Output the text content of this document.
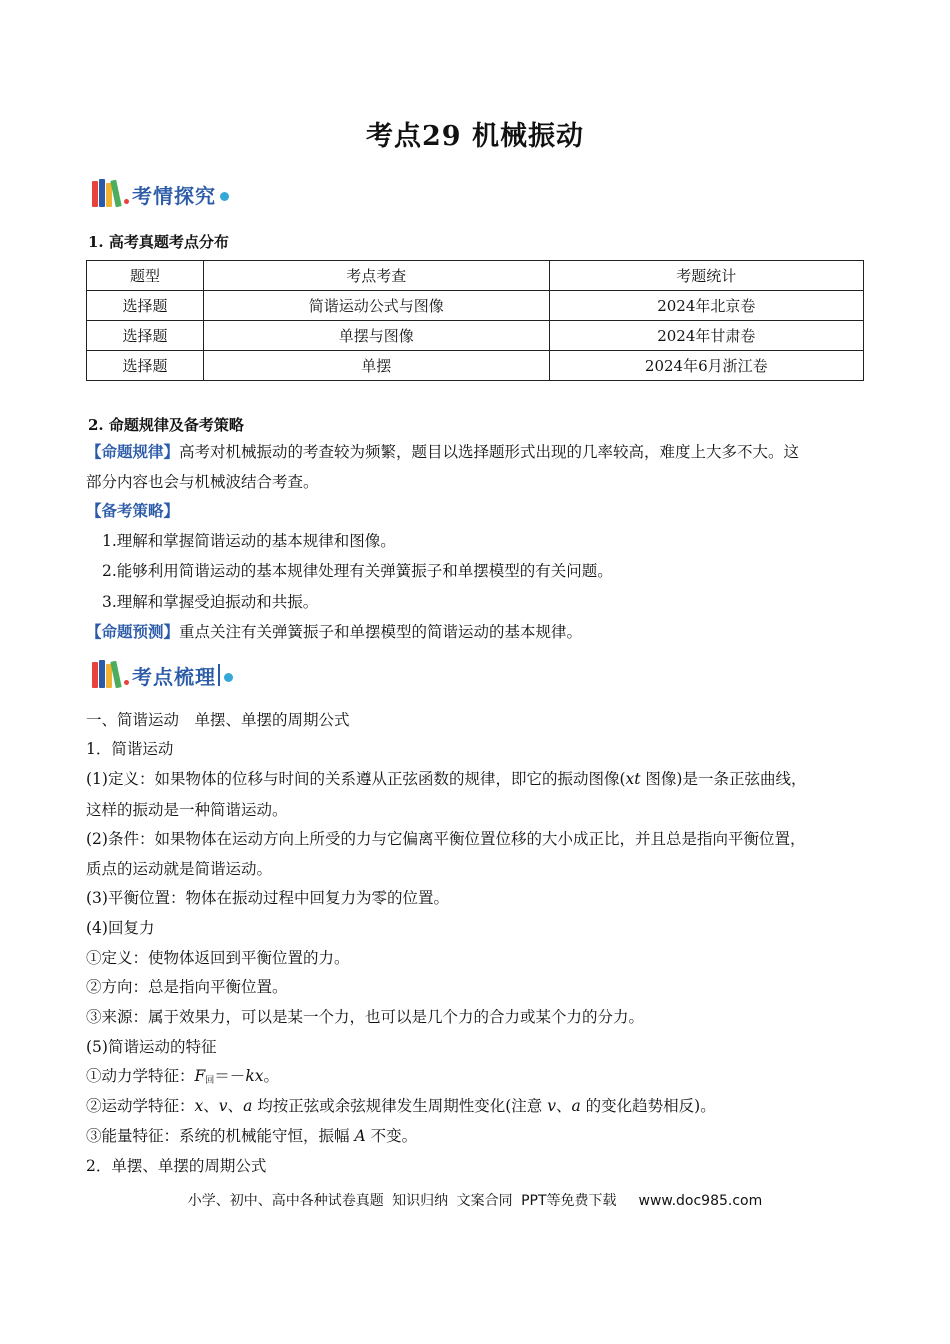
考点29 机械振动
考情探究
1. 高考真题考点分布
题型	考点考查	考题统计
选择题	简谐运动公式与图像	2024年北京卷
选择题	单摆与图像	2024年甘肃卷
选择题	单摆	2024年6月浙江卷
2. 命题规律及备考策略
【命题规律】高考对机械振动的考查较为频繁，题目以选择题形式出现的几率较高，难度上大多不大。这
部分内容也会与机械波结合考查。
【备考策略】
1.理解和掌握简谐运动的基本规律和图像。
2.能够利用简谐运动的基本规律处理有关弹簧振子和单摆模型的有关问题。
3.理解和掌握受迫振动和共振。
【命题预测】重点关注有关弹簧振子和单摆模型的简谐运动的基本规律。
考点梳理
一、简谐运动　单摆、单摆的周期公式
1．简谐运动
(1)定义：如果物体的位移与时间的关系遵从正弦函数的规律，即它的振动图像(xt 图像)是一条正弦曲线，
这样的振动是一种简谐运动。
(2)条件：如果物体在运动方向上所受的力与它偏离平衡位置位移的大小成正比，并且总是指向平衡位置，
质点的运动就是简谐运动。
(3)平衡位置：物体在振动过程中回复力为零的位置。
(4)回复力
①定义：使物体返回到平衡位置的力。
②方向：总是指向平衡位置。
③来源：属于效果力，可以是某一个力，也可以是几个力的合力或某个力的分力。
(5)简谐运动的特征
①动力学特征：$F_回=-kx$。
②运动学特征：x、v、a 均按正弦或余弦规律发生周期性变化(注意 v、a 的变化趋势相反)。
③能量特征：系统的机械能守恒，振幅 A 不变。
2．单摆、单摆的周期公式
小学、初中、高中各种试卷真题 知识归纳 文案合同 PPT等免费下载 www.doc985.com
